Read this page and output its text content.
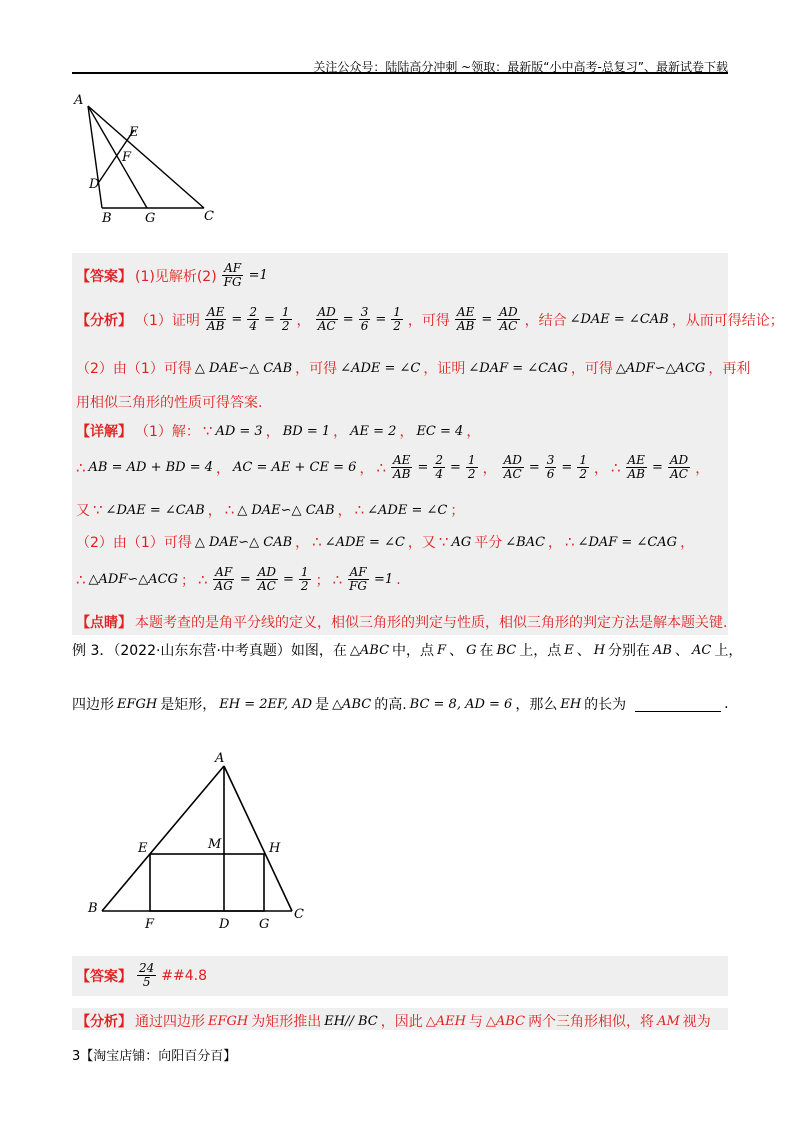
关注公众号：陆陆高分冲刺 ~领取：最新版“小中高考-总复习”、最新试卷下载
A
E
F
D
B	G	C
【答案】 (1)见解析$(2) \frac{AF}{FG} =1$
【分析】 （1）证明 $\frac{AE}{AB} = \frac{2}{4} = \frac{1}{2}$ ， $\frac{AD}{AC} = \frac{3}{6} = \frac{1}{2}$ ，可得 $\frac{AE}{AB} = \frac{AD}{AC}$ ，结合 ∠DAE = ∠CAB ，从而可得结论；
（2）由（1）可得 △ DAE∽△ CAB ，可得 ∠ADE = ∠C ，证明 ∠DAF = ∠CAG ，可得 △ADF∽△ACG ，再利
用相似三角形的性质可得答案.
【详解】 （1）解： ∵ AD = 3 ， BD = 1 ， AE = 2 ， EC = 4 ，
∴ AB = AD + BD = 4 ， AC = AE + CE = 6 ， ∴ $\frac{AE}{AB} = \frac{2}{4} = \frac{1}{2}$ ， $\frac{AD}{AC} = \frac{3}{6} = \frac{1}{2}$ ， ∴ $\frac{AE}{AB} = \frac{AD}{AC}$ ，
又 ∵ ∠DAE = ∠CAB ， ∴ △ DAE∽△ CAB ， ∴ ∠ADE = ∠C ；
（2）由（1）可得 △ DAE∽△ CAB ， ∴ ∠ADE = ∠C ，又 ∵ AG 平分 ∠BAC ， ∴ ∠DAF = ∠CAG ，
∴ △ADF∽△ACG ； ∴ $\frac{AF}{AG} = \frac{AD}{AC} = \frac{1}{2}$ ； ∴ $\frac{AF}{FG} =1$ .
【点睛】 本题考查的是角平分线的定义，相似三角形的判定与性质，相似三角形的判定方法是解本题关键.
例 3．（2022·山东东营·中考真题）如图，在 △ABC 中，点 F 、 G 在 BC 上，点 E 、 H 分别在 AB 、 AC 上，
四边形 EFGH 是矩形， EH = 2EF, AD 是 △ABC 的高. BC = 8, AD = 6 ，那么 EH 的长为	.
A
E	M	H
B
F	D G
C
【答案】 $\frac{24}{5}$ ##4.8
【分析】 通过四边形 EFGH 为矩形推出 EH// BC ，因此 △AEH 与 △ABC 两个三角形相似，将 AM 视为
3【淘宝店铺：向阳百分百】
